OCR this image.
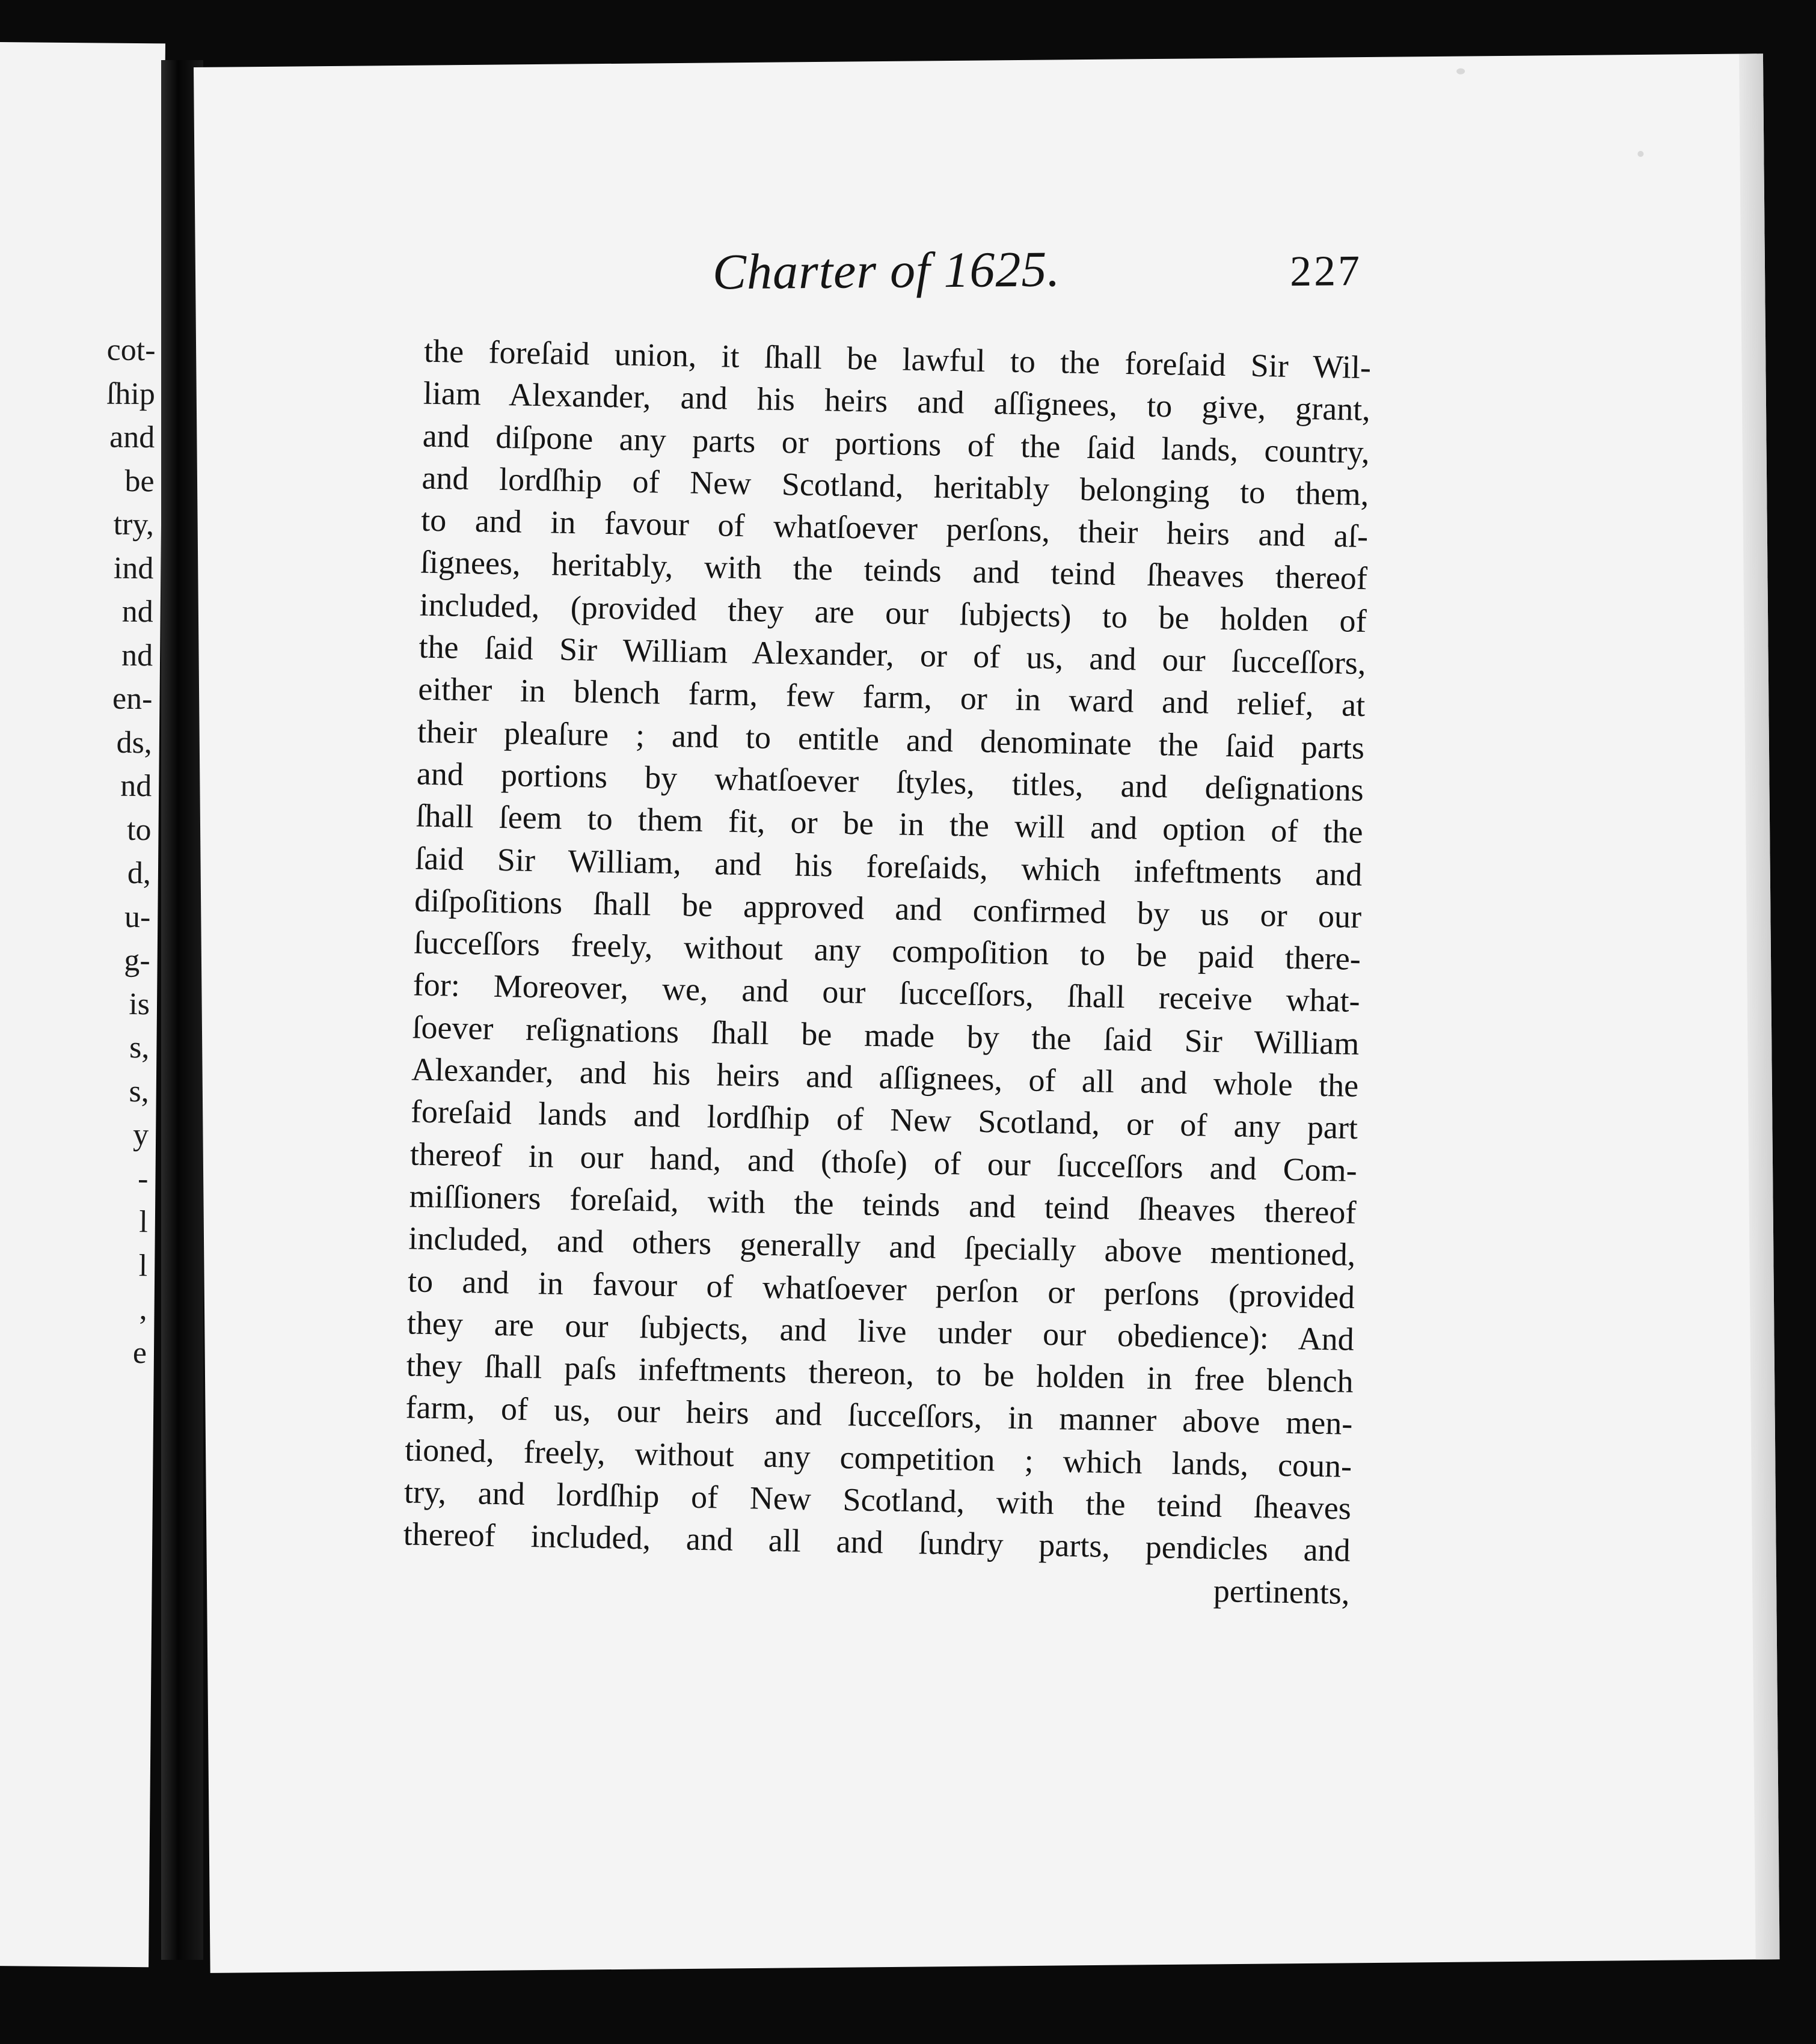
cot-
ſhip
and
be
try,
ind
nd
nd
en-
ds,
nd
to
d,
u-
g-
is
s,
s,
y
-
l
l
,
e
Charter of 1625.	227
the foreſaid union, it ſhall be lawful to the foreſaid Sir Wil-
liam Alexander, and his heirs and aſſignees, to give, grant,
and diſpone any parts or portions of the ſaid lands, country,
and lordſhip of New Scotland, heritably belonging to them,
to and in favour of whatſoever perſons, their heirs and aſ-
ſignees, heritably, with the teinds and teind ſheaves thereof
included, (provided they are our ſubjects) to be holden of
the ſaid Sir William Alexander, or of us, and our ſucceſſors,
either in blench farm, few farm, or in ward and relief, at
their pleaſure ; and to entitle and denominate the ſaid parts
and portions by whatſoever ſtyles, titles, and deſignations
ſhall ſeem to them fit, or be in the will and option of the
ſaid Sir William, and his foreſaids, which infeftments and
diſpoſitions ſhall be approved and confirmed by us or our
ſucceſſors freely, without any compoſition to be paid there-
for: Moreover, we, and our ſucceſſors, ſhall receive what-
ſoever reſignations ſhall be made by the ſaid Sir William
Alexander, and his heirs and aſſignees, of all and whole the
foreſaid lands and lordſhip of New Scotland, or of any part
thereof in our hand, and (thoſe) of our ſucceſſors and Com-
miſſioners foreſaid, with the teinds and teind ſheaves thereof
included, and others generally and ſpecially above mentioned,
to and in favour of whatſoever perſon or perſons (provided
they are our ſubjects, and live under our obedience): And
they ſhall paſs infeftments thereon, to be holden in free blench
farm, of us, our heirs and ſucceſſors, in manner above men-
tioned, freely, without any competition ; which lands, coun-
try, and lordſhip of New Scotland, with the teind ſheaves
thereof included, and all and ſundry parts, pendicles and
pertinents,
